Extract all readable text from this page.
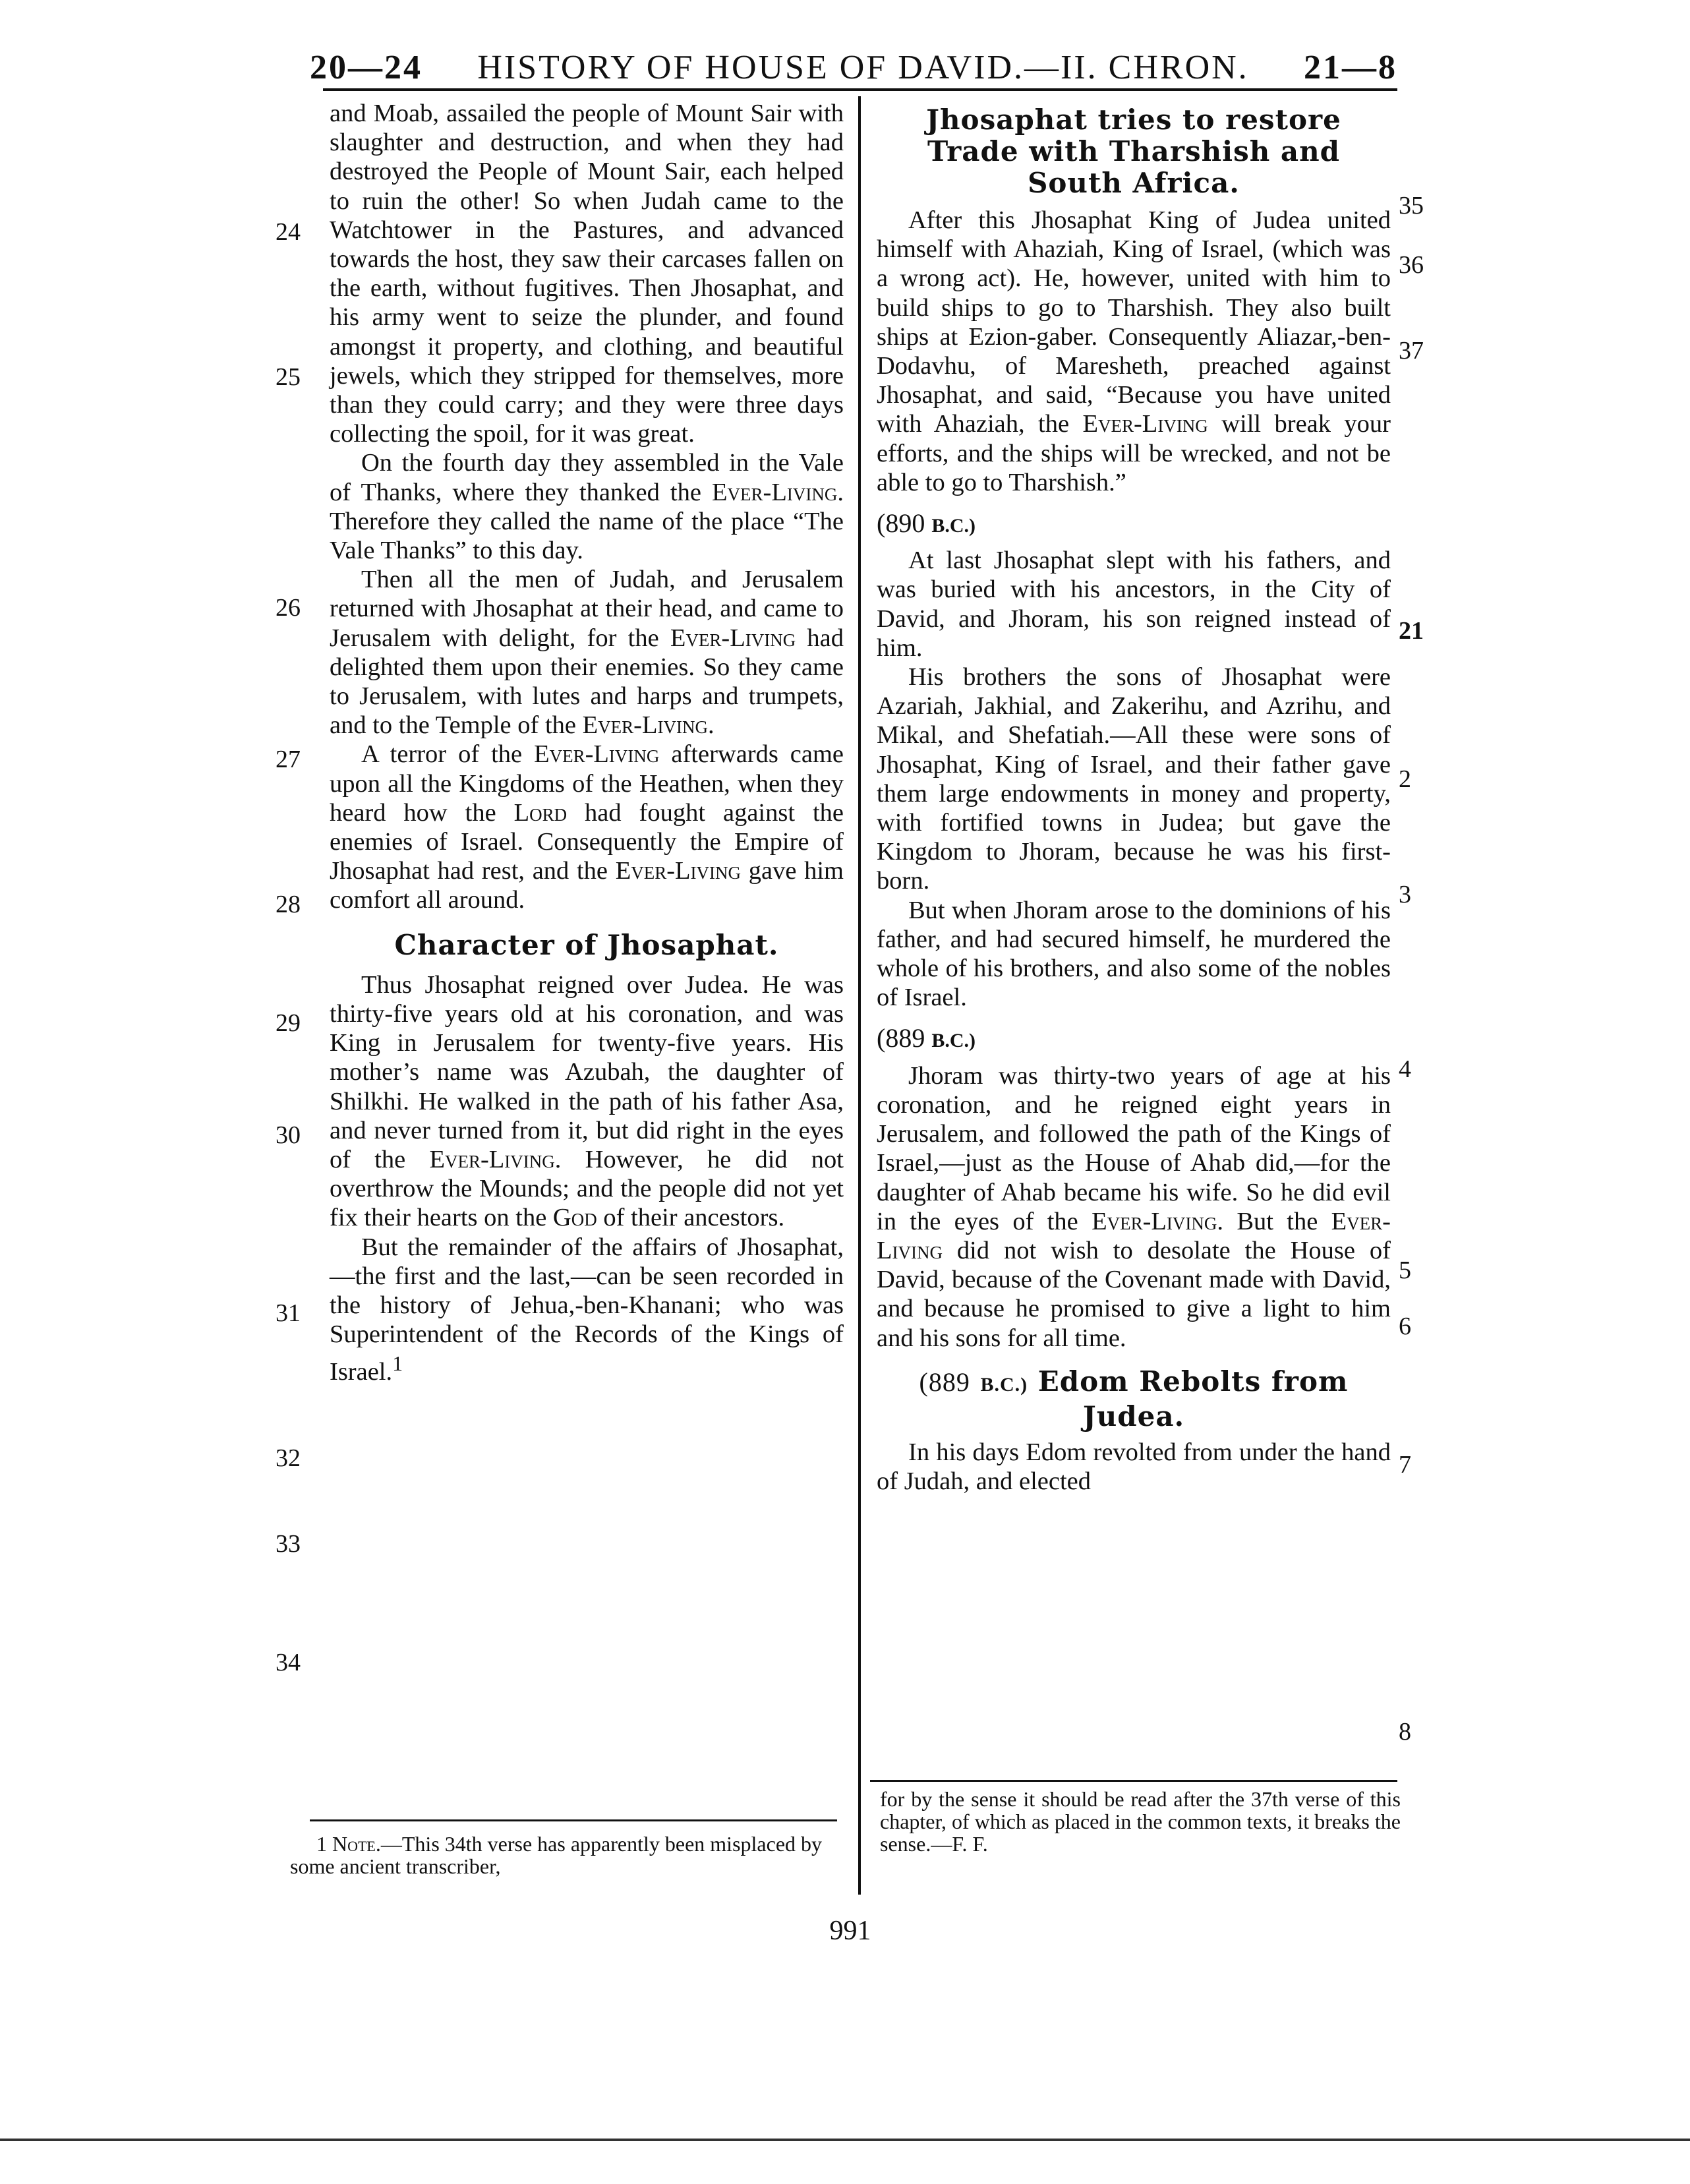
20—24 HISTORY OF HOUSE OF DAVID.—II. CHRON. 21—8

and Moab, assailed the people of Mount Sair with slaughter and destruction, and when they had destroyed the People of Mount Sair, each helped to ruin the other! So when Judah came to the Watchtower in the Pastures, and advanced towards the host, they saw their carcases fallen on the earth, without fugitives. Then Jhosaphat, and his army went to seize the plunder, and found amongst it property, and clothing, and beautiful jewels, which they stripped for themselves, more than they could carry; and they were three days collecting the spoil, for it was great.

On the fourth day they assembled in the Vale of Thanks, where they thanked the Ever-Living. Therefore they called the name of the place “The Vale Thanks” to this day.

Then all the men of Judah, and Jerusalem returned with Jhosaphat at their head, and came to Jerusalem with delight, for the Ever-Living had delighted them upon their enemies. So they came to Jerusalem, with lutes and harps and trumpets, and to the Temple of the Ever-Living.

A terror of the Ever-Living afterwards came upon all the Kingdoms of the Heathen, when they heard how the Lord had fought against the enemies of Israel. Consequently the Empire of Jhosaphat had rest, and the Ever-Living gave him comfort all around.

Character of Jhosaphat.

Thus Jhosaphat reigned over Judea. He was thirty-five years old at his coronation, and was King in Jerusalem for twenty-five years. His mother’s name was Azubah, the daughter of Shilkhi. He walked in the path of his father Asa, and never turned from it, but did right in the eyes of the Ever-Living. However, he did not overthrow the Mounds; and the people did not yet fix their hearts on the God of their ancestors.

But the remainder of the affairs of Jhosaphat,—the first and the last,—can be seen recorded in the history of Jehua,-ben-Khanani; who was Superintendent of the Records of the Kings of Israel.$^1$

24
25
26
27
28
29
30
31
32
33
34
1 Note.—This 34th verse has apparently been misplaced by some ancient transcriber,
Jhosaphat tries to restore Trade with Tharshish and South Africa.

After this Jhosaphat King of Judea united himself with Ahaziah, King of Israel, (which was a wrong act). He, however, united with him to build ships to go to Tharshish. They also built ships at Ezion-gaber. Consequently Aliazar,-ben-Dodavhu, of Maresheth, preached against Jhosaphat, and said, “Because you have united with Ahaziah, the Ever-Living will break your efforts, and the ships will be wrecked, and not be able to go to Tharshish.”

(890 B.C.)

At last Jhosaphat slept with his fathers, and was buried with his ancestors, in the City of David, and Jhoram, his son reigned instead of him.

His brothers the sons of Jhosaphat were Azariah, Jakhial, and Zakerihu, and Azrihu, and Mikal, and Shefatiah.—All these were sons of Jhosaphat, King of Israel, and their father gave them large endowments in money and property, with fortified towns in Judea; but gave the Kingdom to Jhoram, because he was his first-born.

But when Jhoram arose to the dominions of his father, and had secured himself, he murdered the whole of his brothers, and also some of the nobles of Israel.

(889 B.C.)

Jhoram was thirty-two years of age at his coronation, and he reigned eight years in Jerusalem, and followed the path of the Kings of Israel,—just as the House of Ahab did,—for the daughter of Ahab became his wife. So he did evil in the eyes of the Ever-Living. But the Ever-Living did not wish to desolate the House of David, because of the Covenant made with David, and because he promised to give a light to him and his sons for all time.

(889 B.C.) Edom Rebolts from Judea.

In his days Edom revolted from under the hand of Judah, and elected

35
36
37
21
2
3
4
5
6
7
8
for by the sense it should be read after the 37th verse of this chapter, of which as placed in the common texts, it breaks the sense.—F. F.
991
